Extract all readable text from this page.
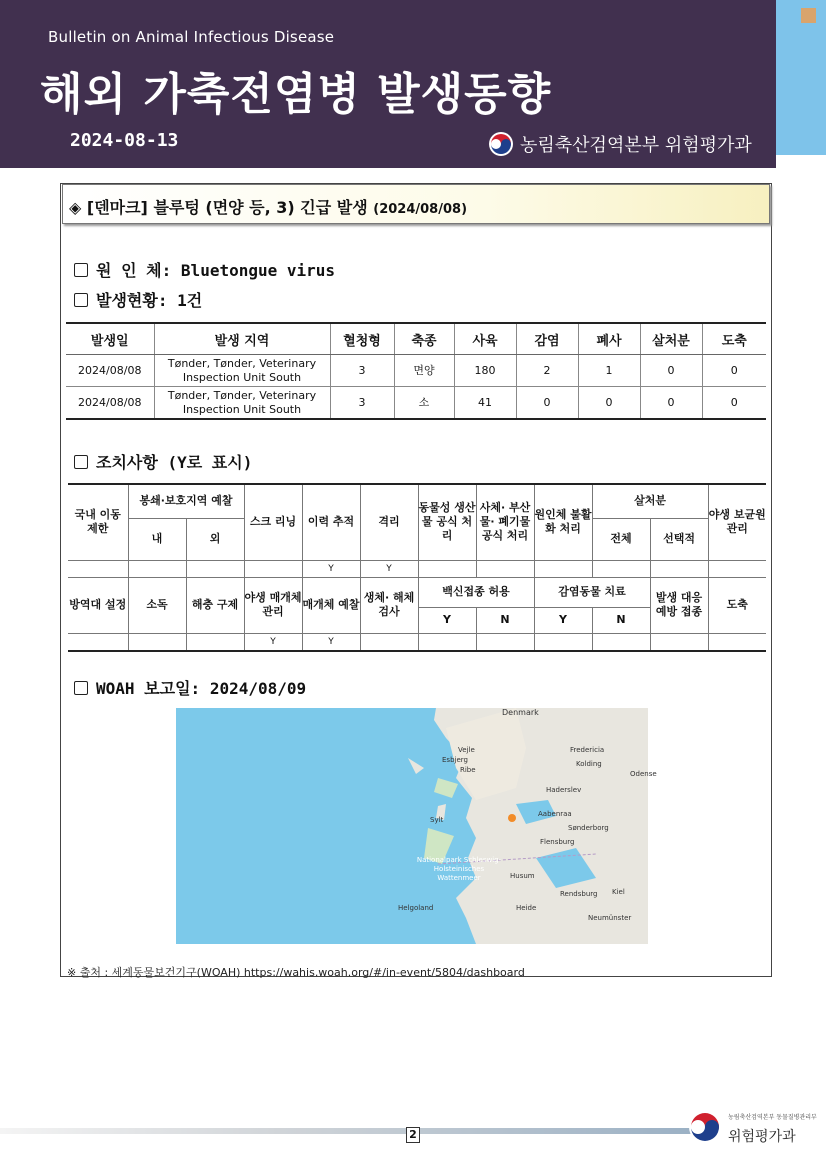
Bulletin on Animal Infectious Disease
해외 가축전염병 발생동향
2024-08-13	농림축산검역본부 위험평가과
◈ [덴마크] 블루텅 (면양 등, 3) 긴급 발생 (2024/08/08)
원 인 체: Bluetongue virus
발생현황: 1건
발생일	발생 지역	혈청형	축종	사육	감염	폐사	살처분	도축
2024/08/08	Tønder, Tønder, Veterinary Inspection Unit South	3	면양	180	2	1	0	0
2024/08/08	Tønder, Tønder, Veterinary Inspection Unit South	3	소	41	0	0	0	0
조치사항 (Y로 표시)
국내 이동 제한	봉쇄·보호지역 예찰		스크 리닝	이력 추적	격리	동물성 생산물 공식 처리	사체· 부산물· 폐기물 공식 처리	원인체 불활화 처리	살처분		야생 보균원 관리
	내	외							전체	선택적	
				Y	Y						
방역대 설정	소독	해충 구제	야생 매개체 관리	매개체 예찰	생체· 해체 검사	백신접종 허용		감염동물 치료		발생 대응 예방 접종	도축
						Y	N	Y	N		
			Y	Y							
WOAH 보고일: 2024/08/09
Denmark
Vejle	Fredericia
Kolding
Odense
Haderslev
Aabenraa
Sønderborg
Flensburg
Husum
Kiel
Rendsburg
Heide
Neumünster
Sylt
Esbjerg
Ribe
Helgoland
Nationalpark Schleswig-Holsteinisches Wattenmeer
※ 출처 : 세계동물보건기구(WOAH) https://wahis.woah.org/#/in-event/5804/dashboard
2
농림축산검역본부 동물질병관리부
위험평가과
